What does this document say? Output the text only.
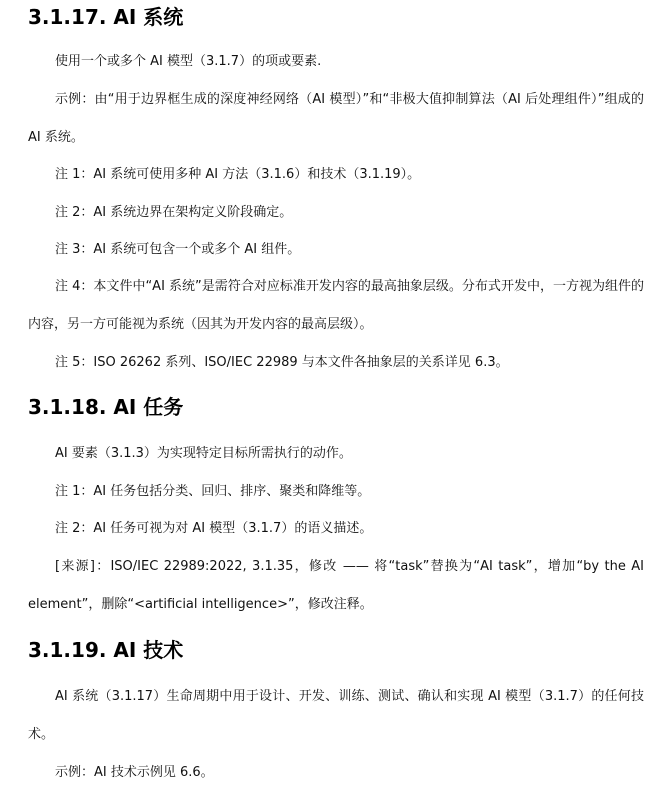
3.1.17. AI 系统

使用一个或多个 AI 模型（3.1.7）的项或要素.

示例：由“用于边界框生成的深度神经网络（AI 模型）”和“非极大值抑制算法（AI 后处理组件）”组成的 AI 系统。

注 1：AI 系统可使用多种 AI 方法（3.1.6）和技术（3.1.19）。

注 2：AI 系统边界在架构定义阶段确定。

注 3：AI 系统可包含一个或多个 AI 组件。

注 4：本文件中“AI 系统”是需符合对应标准开发内容的最高抽象层级。分布式开发中，一方视为组件的内容，另一方可能视为系统（因其为开发内容的最高层级）。

注 5：ISO 26262 系列、ISO/IEC 22989 与本文件各抽象层的关系详见 6.3。

3.1.18. AI 任务

AI 要素（3.1.3）为实现特定目标所需执行的动作。

注 1：AI 任务包括分类、回归、排序、聚类和降维等。

注 2：AI 任务可视为对 AI 模型（3.1.7）的语义描述。

[来源]：ISO/IEC 22989:2022, 3.1.35，修改 —— 将“task”替换为“AI task”，增加“by the AI element”，删除“<artificial intelligence>”，修改注释。

3.1.19. AI 技术

AI 系统（3.1.17）生命周期中用于设计、开发、训练、测试、确认和实现 AI 模型（3.1.7）的任何技术。

示例：AI 技术示例见 6.6。
